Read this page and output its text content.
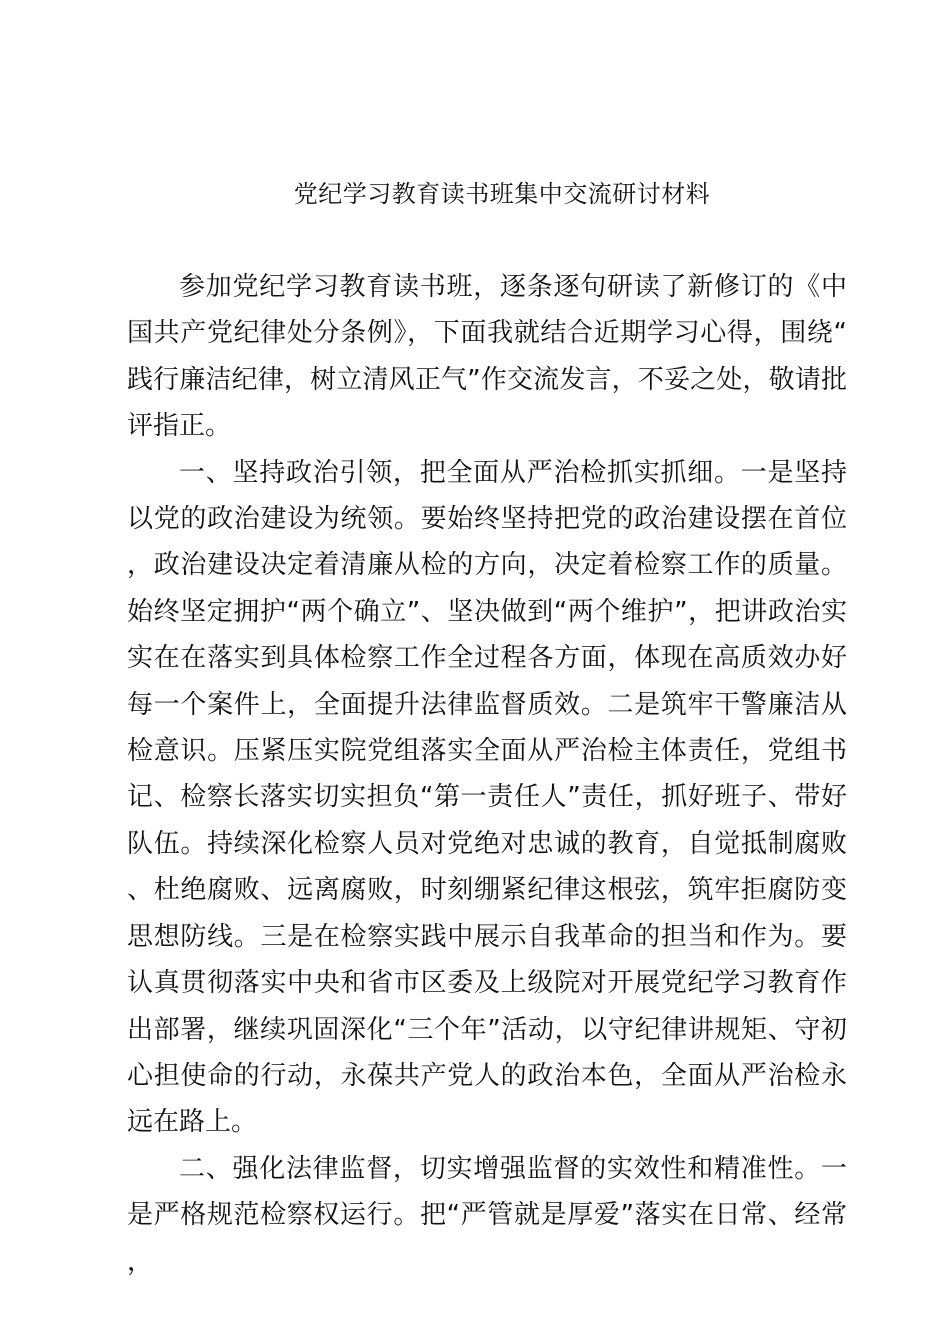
党纪学习教育读书班集中交流研讨材料

参加党纪学习教育读书班，逐条逐句研读了新修订的《中国共产党纪律处分条例》，下面我就结合近期学习心得，围绕“践行廉洁纪律，树立清风正气”作交流发言，不妥之处，敬请批评指正。

一、坚持政治引领，把全面从严治检抓实抓细。一是坚持以党的政治建设为统领。要始终坚持把党的政治建设摆在首位，政治建设决定着清廉从检的方向，决定着检察工作的质量。始终坚定拥护“两个确立”、坚决做到“两个维护”，把讲政治实实在在落实到具体检察工作全过程各方面，体现在高质效办好每一个案件上，全面提升法律监督质效。二是筑牢干警廉洁从检意识。压紧压实院党组落实全面从严治检主体责任，党组书记、检察长落实切实担负“第一责任人”责任，抓好班子、带好队伍。持续深化检察人员对党绝对忠诚的教育，自觉抵制腐败、杜绝腐败、远离腐败，时刻绷紧纪律这根弦，筑牢拒腐防变思想防线。三是在检察实践中展示自我革命的担当和作为。要认真贯彻落实中央和省市区委及上级院对开展党纪学习教育作出部署，继续巩固深化“三个年”活动，以守纪律讲规矩、守初心担使命的行动，永葆共产党人的政治本色，全面从严治检永远在路上。

二、强化法律监督，切实增强监督的实效性和精准性。一是严格规范检察权运行。把“严管就是厚爱”落实在日常、经常，
